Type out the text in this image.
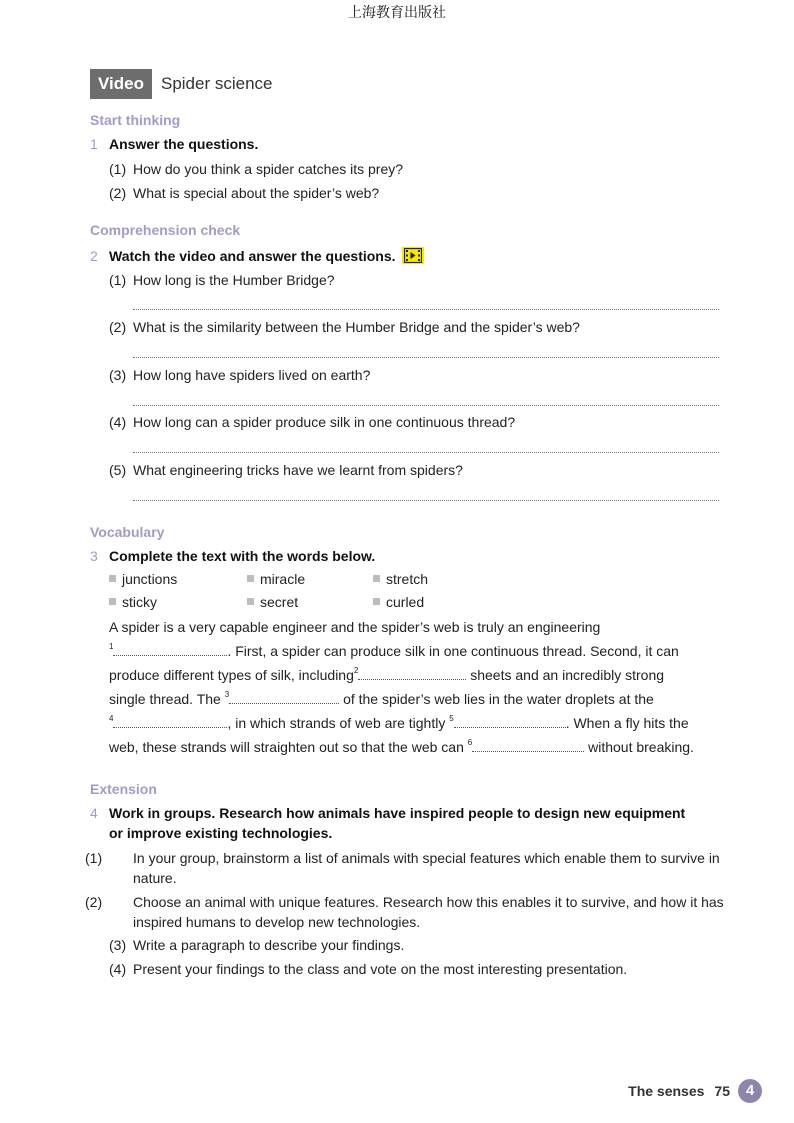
上海教育出版社
Video	Spider science
Start thinking
1 Answer the questions.
(1) How do you think a spider catches its prey?
(2) What is special about the spider’s web?
Comprehension check
2 Watch the video and answer the questions.
(1) How long is the Humber Bridge?
(2) What is the similarity between the Humber Bridge and the spider’s web?
(3) How long have spiders lived on earth?
(4) How long can a spider produce silk in one continuous thread?
(5) What engineering tricks have we learnt from spiders?
Vocabulary
3 Complete the text with the words below.
junctions	miracle	stretch
sticky	secret	curled
A spider is a very capable engineer and the spider’s web is truly an engineering
$^1$	. First, a spider can produce silk in one continuous thread. Second, it can
produce different types of silk, including$^2$	sheets and an incredibly strong
single thread. The $^3$	of the spider’s web lies in the water droplets at the
$^4$	, in which strands of web are tightly $^5$	. When a fly hits the
web, these strands will straighten out so that the web can $^6$	without breaking.
Extension
4 Work in groups. Research how animals have inspired people to design new equipment
or improve existing technologies.
(1) In your group, brainstorm a list of animals with special features which enable them to survive in nature.
(2) Choose an animal with unique features. Research how this enables it to survive, and how it has inspired humans to develop new technologies.
(3) Write a paragraph to describe your findings.
(4) Present your findings to the class and vote on the most interesting presentation.
The senses 75	4
